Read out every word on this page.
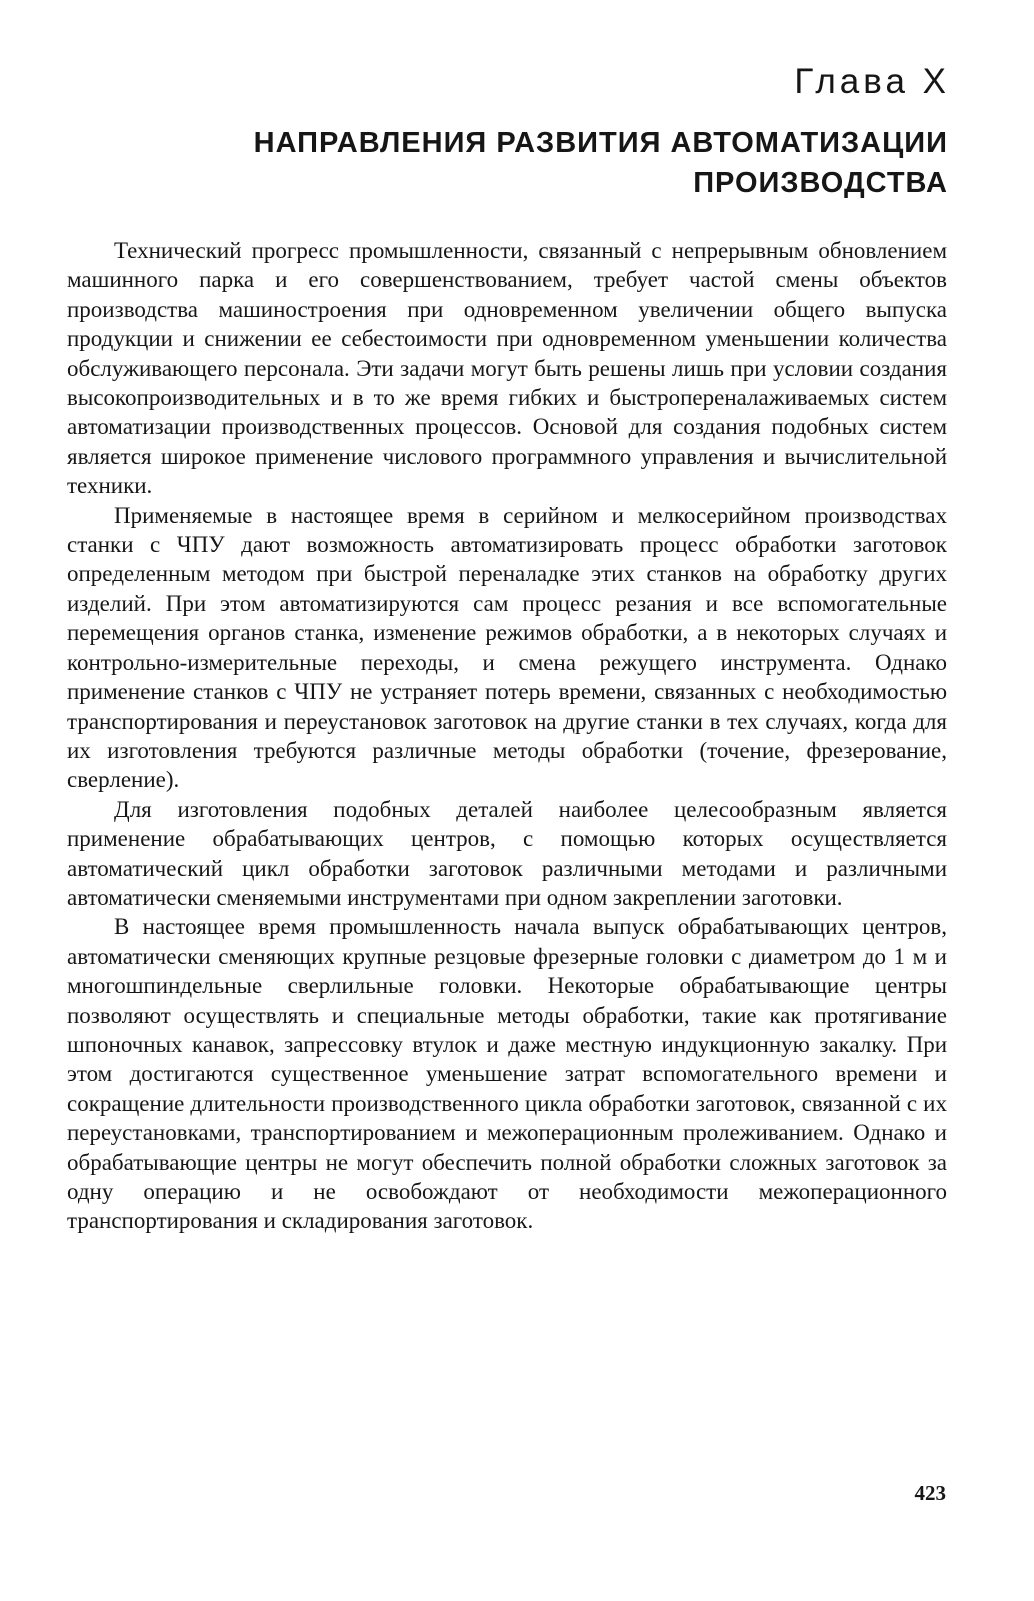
Глава X
НАПРАВЛЕНИЯ РАЗВИТИЯ АВТОМАТИЗАЦИИ ПРОИЗВОДСТВА

Технический прогресс промышленности, связанный с непрерывным обновлением машинного парка и его совершенствованием, требует частой смены объектов производства машиностроения при одновременном увеличении общего выпуска продукции и снижении ее себестоимости при одновременном уменьшении количества обслуживающего персонала. Эти задачи могут быть решены лишь при условии создания высокопроизводительных и в то же время гибких и быстропереналаживаемых систем автоматизации производственных процессов. Основой для создания подобных систем является широкое применение числового программного управления и вычислительной техники.

Применяемые в настоящее время в серийном и мелкосерийном производствах станки с ЧПУ дают возможность автоматизировать процесс обработки заготовок определенным методом при быстрой переналадке этих станков на обработку других изделий. При этом автоматизируются сам процесс резания и все вспомогательные перемещения органов станка, изменение режимов обработки, а в некоторых случаях и контрольно-измерительные переходы, и смена режущего инструмента. Однако применение станков с ЧПУ не устраняет потерь времени, связанных с необходимостью транспортирования и переустановок заготовок на другие станки в тех случаях, когда для их изготовления требуются различные методы обработки (точение, фрезерование, сверление).

Для изготовления подобных деталей наиболее целесообразным является применение обрабатывающих центров, с помощью которых осуществляется автоматический цикл обработки заготовок различными методами и различными автоматически сменяемыми инструментами при одном закреплении заготовки.

В настоящее время промышленность начала выпуск обрабатывающих центров, автоматически сменяющих крупные резцовые фрезерные головки с диаметром до 1 м и многошпиндельные сверлильные головки. Некоторые обрабатывающие центры позволяют осуществлять и специальные методы обработки, такие как протягивание шпоночных канавок, запрессовку втулок и даже местную индукционную закалку. При этом достигаются существенное уменьшение затрат вспомогательного времени и сокращение длительности производственного цикла обработки заготовок, связанной с их переустановками, транспортированием и межоперационным пролеживанием. Однако и обрабатывающие центры не могут обеспечить полной обработки сложных заготовок за одну операцию и не освобождают от необходимости межоперационного транспортирования и складирования заготовок.

423
